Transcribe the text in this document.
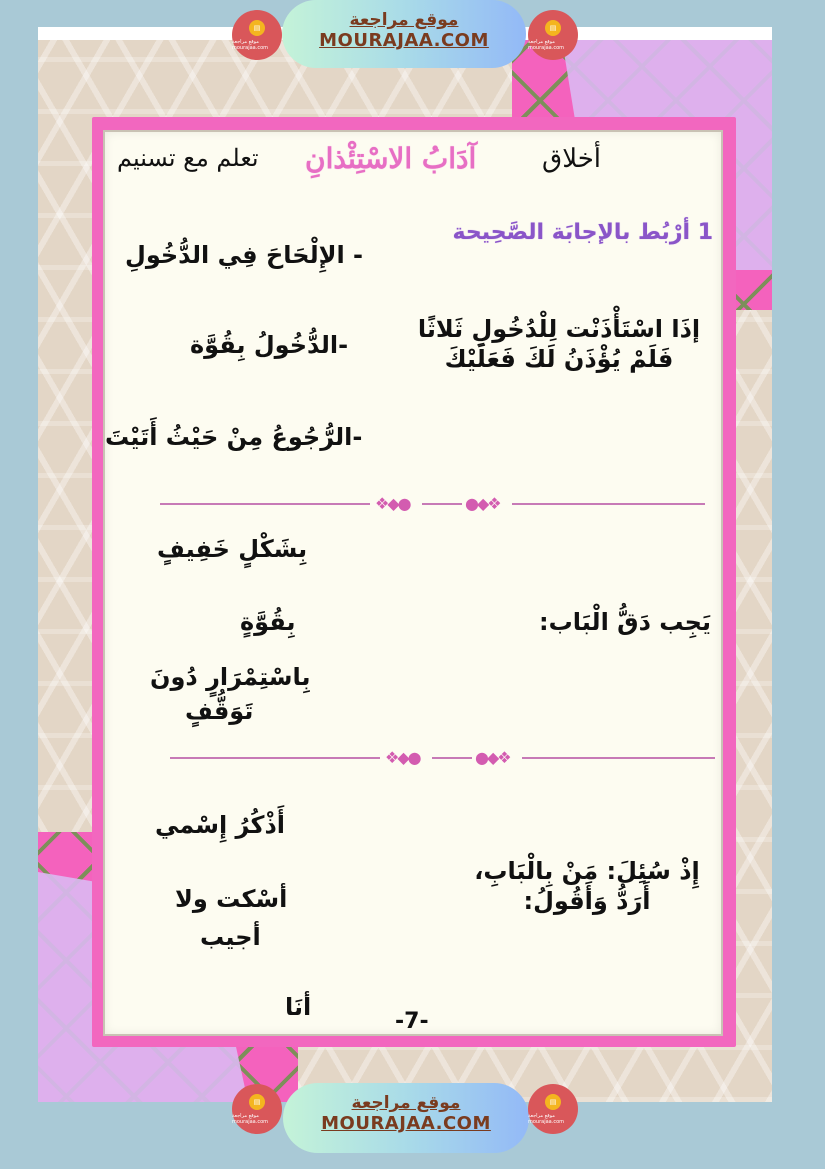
أخلاق
آدَابُ الاسْتِئْذانِ
تعلم مع تسنيم
1 أرْبُط بالإجابَة الصَّحِيحة
- الإِلْحَاحَ فِي الدُّخُولِ
-الدُّخُولُ بِقُوَّة
-الرُّجُوعُ مِنْ حَيْثُ أَتَيْتَ
إذَا اسْتَأْذَنْت لِلْدُخُولِ ثَلاثًا
فَلَمْ يُؤْذَنُ لَكَ فَعَلَيْكَ
●◆❖	❖◆●
بِشَكْلٍ خَفِيفٍ
بِقُوَّةٍ
بِاسْتِمْرَارٍ دُونَ
تَوَقُّفٍ
يَجِب دَقُّ الْبَاب:
●◆❖	❖◆●
أَذْكُرُ إِسْمي
أسْكت ولا
أجيب
أنَا
إِذْ سُئِلَ: مَنْ بِالْبَابِ،
أَرَدُّ وَأَقُولُ:
-7-
▤
موقع مراجعة mourajaa.com
موقع مراجعة
MOURAJAA.COM
▤
موقع مراجعة mourajaa.com
▤
موقع مراجعة mourajaa.com
موقع مراجعة
MOURAJAA.COM
▤
موقع مراجعة mourajaa.com
